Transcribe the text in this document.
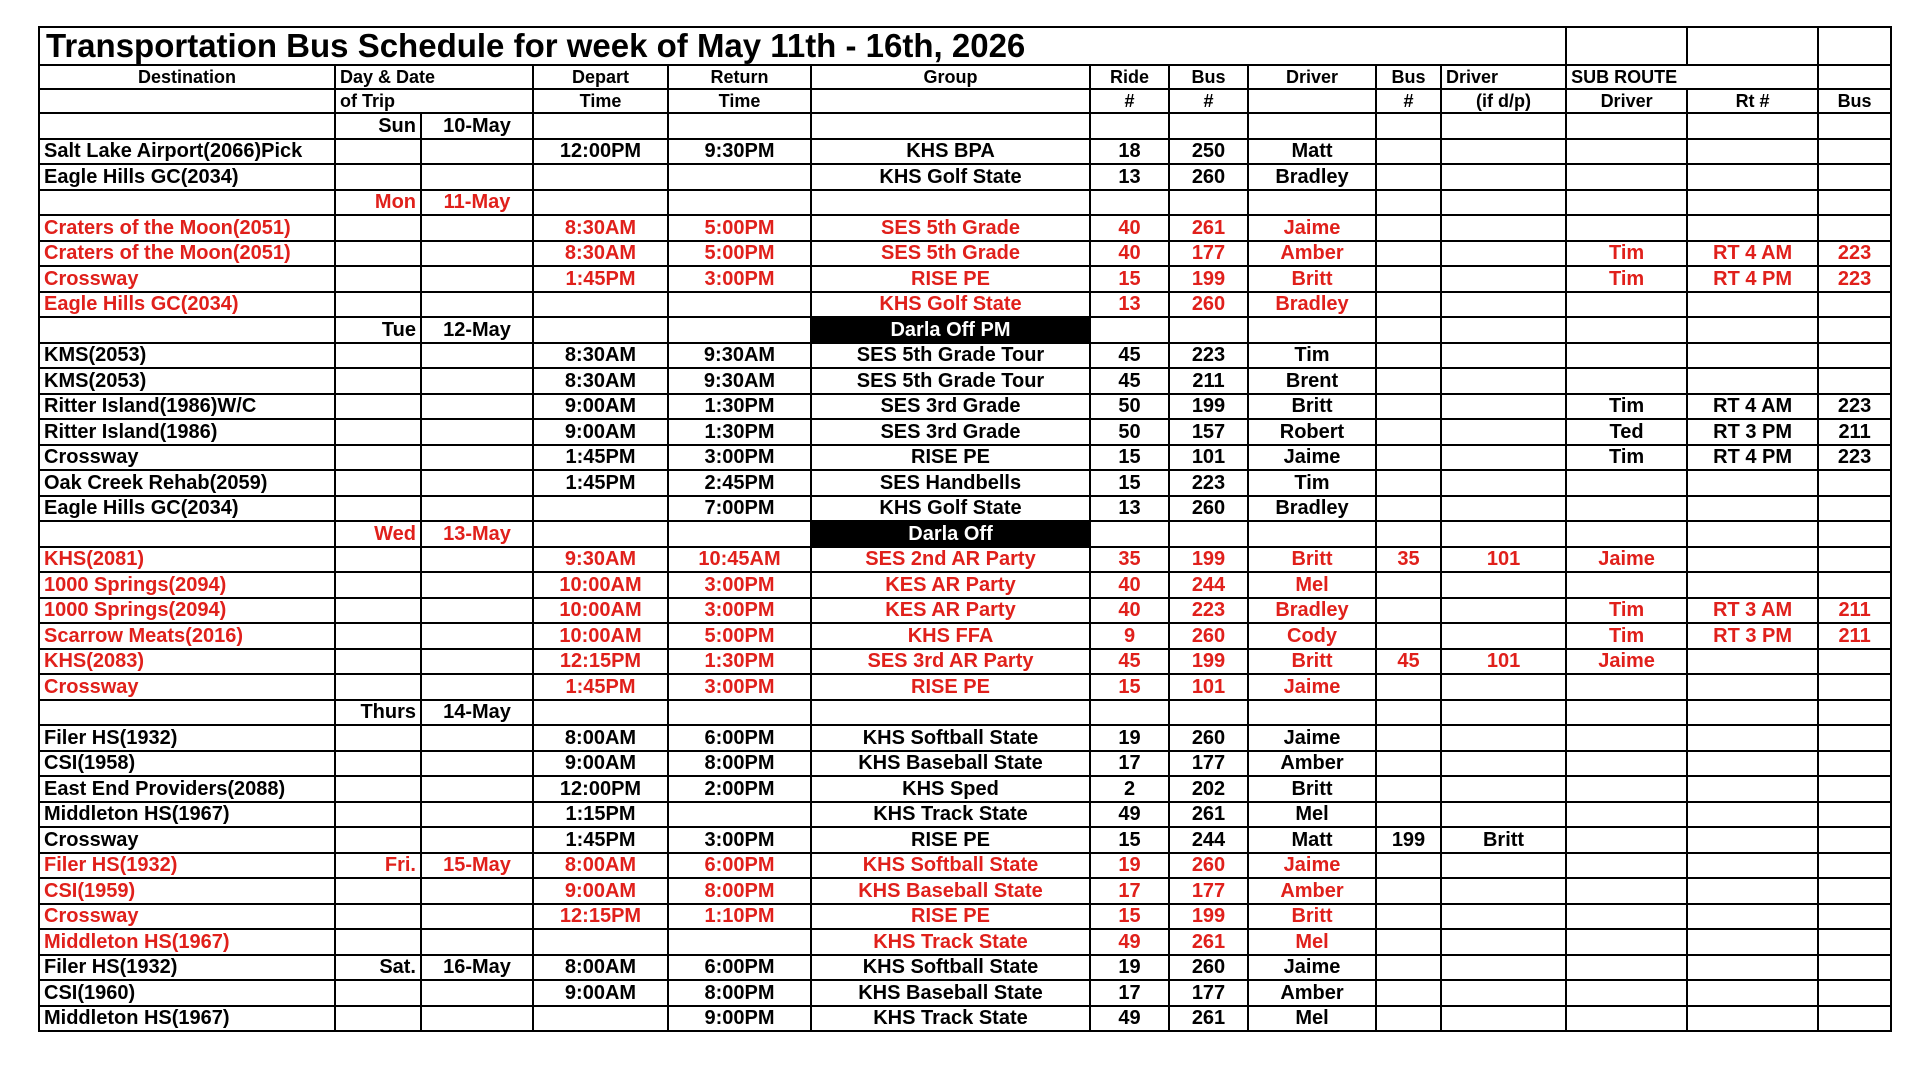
Transportation Bus Schedule for week of May 11th - 16th, 2026													
Destination	Day & Date		Depart	Return	Group	Ride	Bus	Driver	Bus	Driver	SUB ROUTE		
	of Trip		Time	Time		#	#		#	(if d/p)	Driver	Rt #	Bus
	Sun	10-May											
Salt Lake Airport(2066)Pick			12:00PM	9:30PM	KHS BPA	18	250	Matt					
Eagle Hills GC(2034)					KHS Golf State	13	260	Bradley					
	Mon	11-May											
Craters of the Moon(2051)			8:30AM	5:00PM	SES 5th Grade	40	261	Jaime					
Craters of the Moon(2051)			8:30AM	5:00PM	SES 5th Grade	40	177	Amber			Tim	RT 4 AM	223
Crossway			1:45PM	3:00PM	RISE PE	15	199	Britt			Tim	RT 4 PM	223
Eagle Hills GC(2034)					KHS Golf State	13	260	Bradley					
	Tue	12-May			Darla Off PM								
KMS(2053)			8:30AM	9:30AM	SES 5th Grade Tour	45	223	Tim					
KMS(2053)			8:30AM	9:30AM	SES 5th Grade Tour	45	211	Brent					
Ritter Island(1986)W/C			9:00AM	1:30PM	SES 3rd Grade	50	199	Britt			Tim	RT 4 AM	223
Ritter Island(1986)			9:00AM	1:30PM	SES 3rd Grade	50	157	Robert			Ted	RT 3 PM	211
Crossway			1:45PM	3:00PM	RISE PE	15	101	Jaime			Tim	RT 4 PM	223
Oak Creek Rehab(2059)			1:45PM	2:45PM	SES Handbells	15	223	Tim					
Eagle Hills GC(2034)				7:00PM	KHS Golf State	13	260	Bradley					
	Wed	13-May			Darla Off								
KHS(2081)			9:30AM	10:45AM	SES 2nd AR Party	35	199	Britt	35	101	Jaime		
1000 Springs(2094)			10:00AM	3:00PM	KES AR Party	40	244	Mel					
1000 Springs(2094)			10:00AM	3:00PM	KES AR Party	40	223	Bradley			Tim	RT 3 AM	211
Scarrow Meats(2016)			10:00AM	5:00PM	KHS FFA	9	260	Cody			Tim	RT 3 PM	211
KHS(2083)			12:15PM	1:30PM	SES 3rd AR Party	45	199	Britt	45	101	Jaime		
Crossway			1:45PM	3:00PM	RISE PE	15	101	Jaime					
	Thurs	14-May											
Filer HS(1932)			8:00AM	6:00PM	KHS Softball State	19	260	Jaime					
CSI(1958)			9:00AM	8:00PM	KHS Baseball State	17	177	Amber					
East End Providers(2088)			12:00PM	2:00PM	KHS Sped	2	202	Britt					
Middleton HS(1967)			1:15PM		KHS Track State	49	261	Mel					
Crossway			1:45PM	3:00PM	RISE PE	15	244	Matt	199	Britt			
Filer HS(1932)	Fri.	15-May	8:00AM	6:00PM	KHS Softball State	19	260	Jaime					
CSI(1959)			9:00AM	8:00PM	KHS Baseball State	17	177	Amber					
Crossway			12:15PM	1:10PM	RISE PE	15	199	Britt					
Middleton HS(1967)					KHS Track State	49	261	Mel					
Filer HS(1932)	Sat.	16-May	8:00AM	6:00PM	KHS Softball State	19	260	Jaime					
CSI(1960)			9:00AM	8:00PM	KHS Baseball State	17	177	Amber					
Middleton HS(1967)				9:00PM	KHS Track State	49	261	Mel					
